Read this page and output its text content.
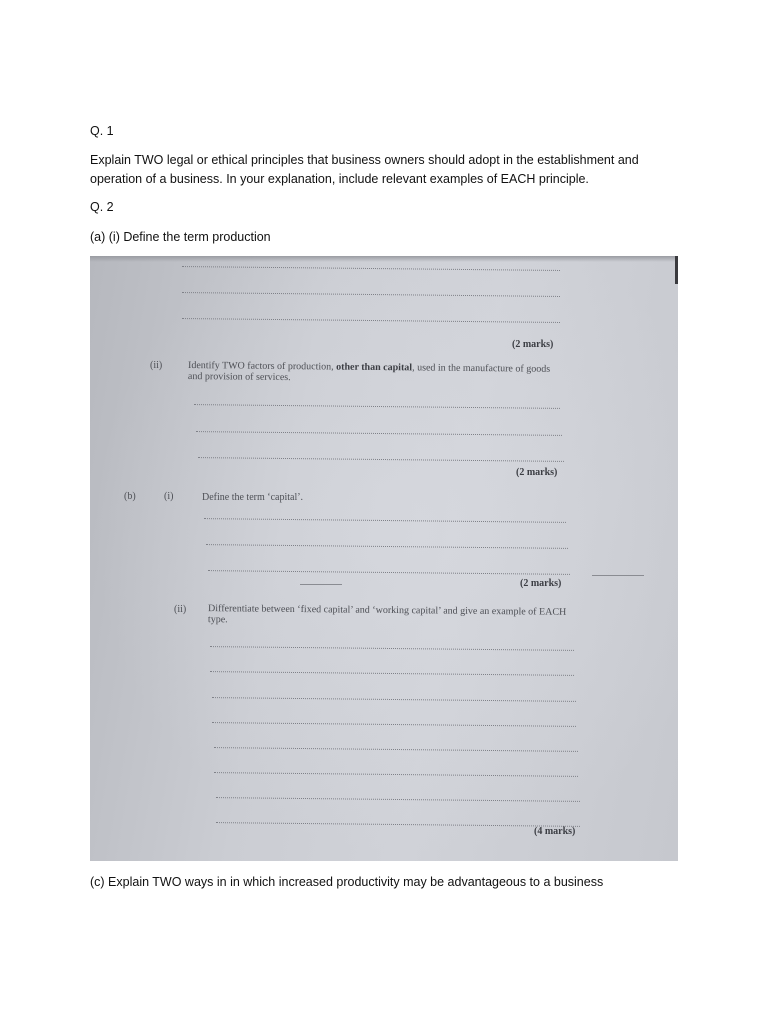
Q. 1
Explain TWO legal or ethical principles that business owners should adopt in the establishment and operation of a business. In your explanation, include relevant examples of EACH principle.
Q. 2
(a) (i) Define the term production
(2 marks)
(ii)	Identify TWO factors of production, other than capital, used in the manufacture of goods and provision of services.
(2 marks)
(b)	(i)	Define the term ‘capital’.
(2 marks)
(ii) Differentiate between ‘fixed capital’ and ‘working capital’ and give an example of EACH type.
(4 marks)
(c) Explain TWO ways in in which increased productivity may be advantageous to a business
